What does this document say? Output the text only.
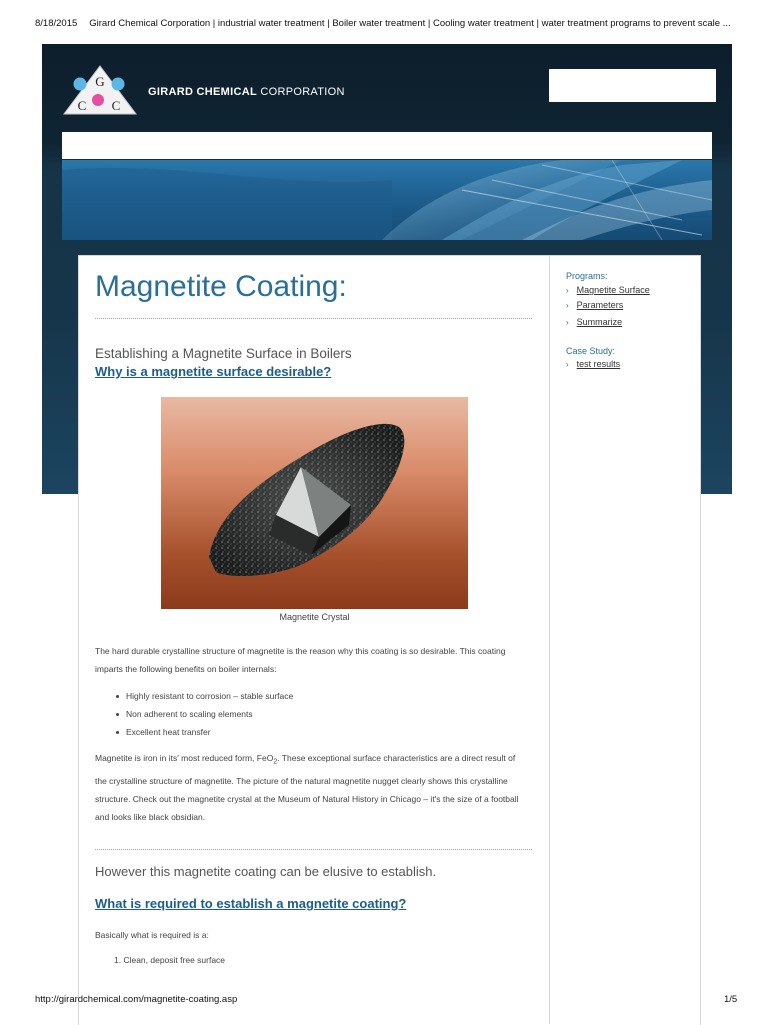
8/18/2015 Girard Chemical Corporation | industrial water treatment | Boiler water treatment | Cooling water treatment | water treatment programs to prevent scale ...
G
C C
GIRARD CHEMICAL CORPORATION
Magnetite Coating:
Establishing a Magnetite Surface in Boilers
Why is a magnetite surface desirable?
Magnetite Crystal

The hard durable crystalline structure of magnetite is the reason why this coating is so desirable. This coating imparts the following benefits on boiler internals:

Highly resistant to corrosion – stable surface
Non adherent to scaling elements
Excellent heat transfer

Magnetite is iron in its' most reduced form, FeO$_2$. These exceptional surface characteristics are a direct result of the crystalline structure of magnetite. The picture of the natural magnetite nugget clearly shows this crystalline structure. Check out the magnetite crystal at the Museum of Natural History in Chicago – it's the size of a football and looks like black obsidian.

However this magnetite coating can be elusive to establish.
What is required to establish a magnetite coating?

Basically what is required is a:

1. Clean, deposit free surface
Programs:
› Magnetite Surface
› Parameters
› Summarize
Case Study:
› test results
http://girardchemical.com/magnetite-coating.asp	1/5
